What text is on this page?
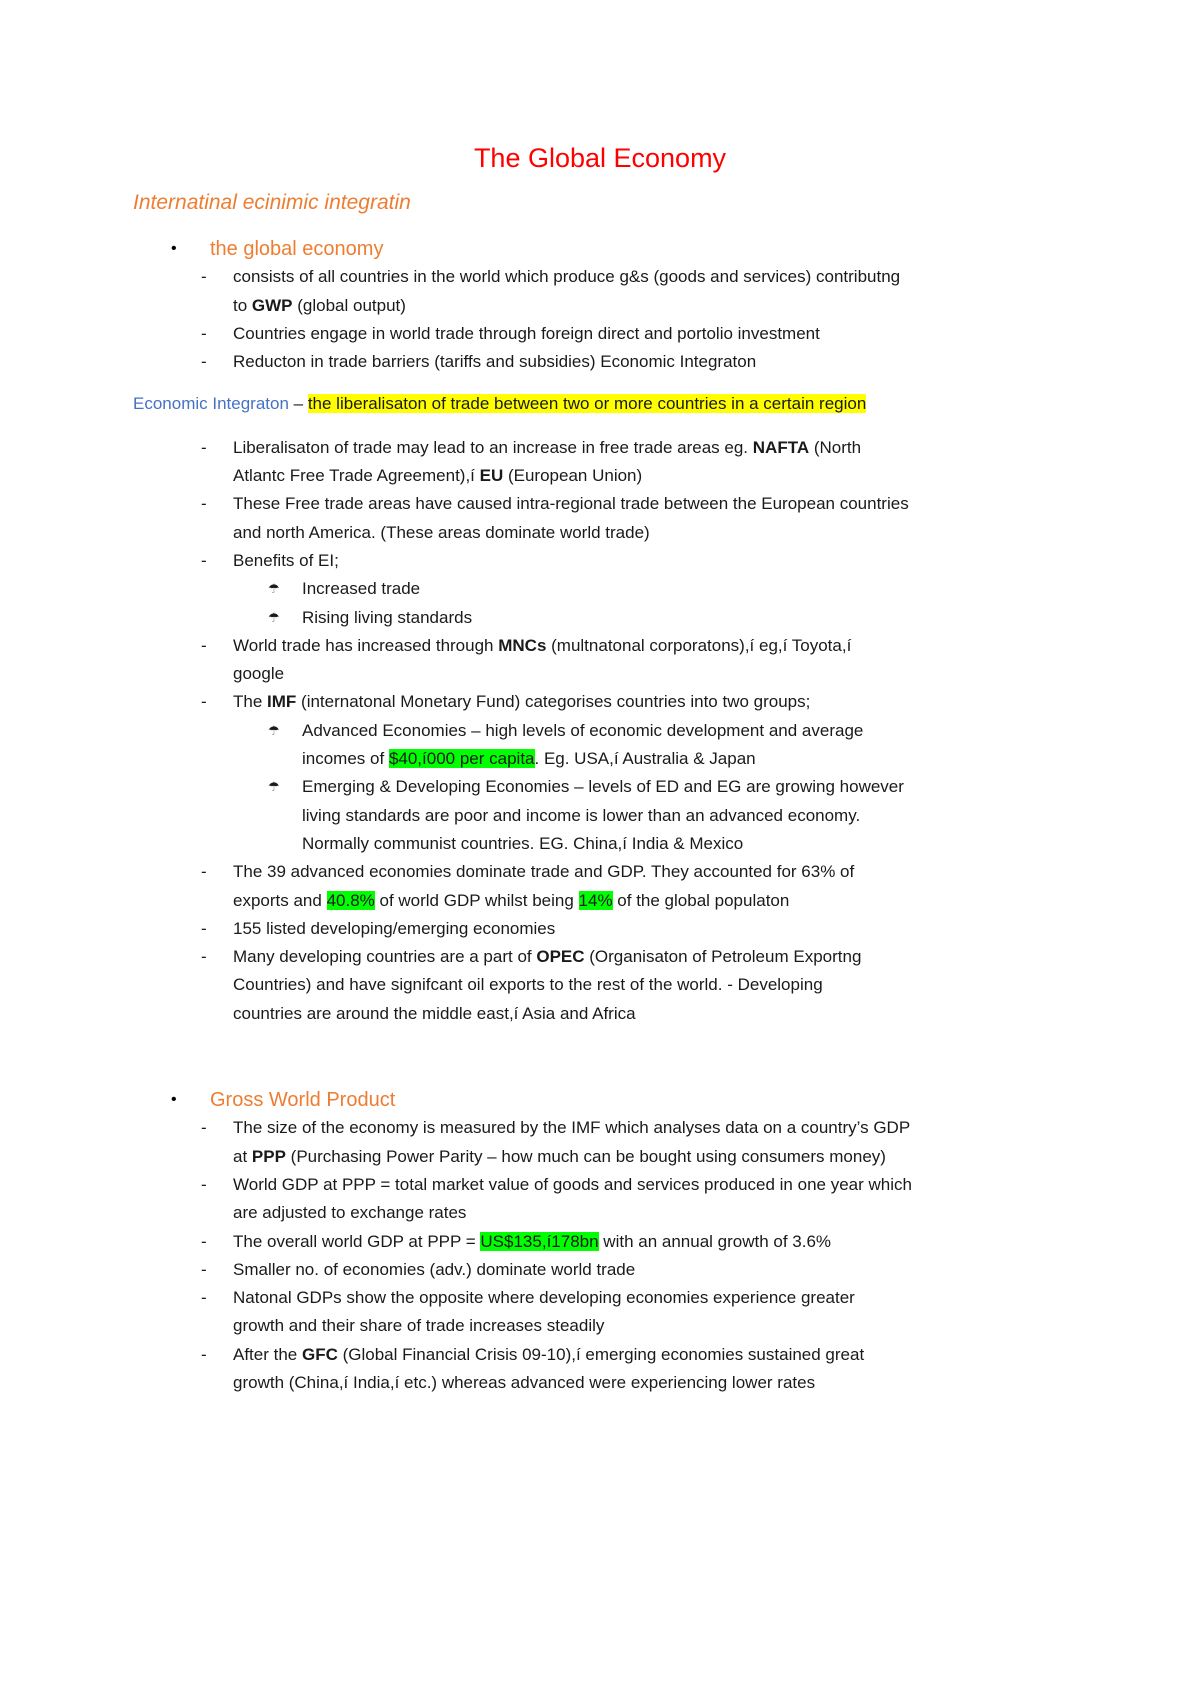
The Global Economy
Internatinal ecinimic integratin
• the global economy
- consists of all countries in the world which produce g&s (goods and services) contributng
to GWP (global output)
- Countries engage in world trade through foreign direct and portolio investment
- Reducton in trade barriers (tariffs and subsidies) Economic Integraton
Economic Integraton – the liberalisaton of trade between two or more countries in a certain region
- Liberalisaton of trade may lead to an increase in free trade areas eg. NAFTA (North
Atlantc Free Trade Agreement),í EU (European Union)
- These Free trade areas have caused intra-regional trade between the European countries
and north America. (These areas dominate world trade)
- Benefits of EI;
☂ Increased trade
☂ Rising living standards
- World trade has increased through MNCs (multnatonal corporatons),í eg,í Toyota,í
google
- The IMF (internatonal Monetary Fund) categorises countries into two groups;
☂ Advanced Economies – high levels of economic development and average
incomes of $40,í000 per capita. Eg. USA,í Australia & Japan
☂ Emerging & Developing Economies – levels of ED and EG are growing however
living standards are poor and income is lower than an advanced economy.
Normally communist countries. EG. China,í India & Mexico
- The 39 advanced economies dominate trade and GDP. They accounted for 63% of
exports and 40.8% of world GDP whilst being 14% of the global populaton
- 155 listed developing/emerging economies
- Many developing countries are a part of OPEC (Organisaton of Petroleum Exportng
Countries) and have signifcant oil exports to the rest of the world. - Developing
countries are around the middle east,í Asia and Africa
• Gross World Product
- The size of the economy is measured by the IMF which analyses data on a country’s GDP
at PPP (Purchasing Power Parity – how much can be bought using consumers money)
- World GDP at PPP = total market value of goods and services produced in one year which
are adjusted to exchange rates
- The overall world GDP at PPP = US$135,í178bn with an annual growth of 3.6%
- Smaller no. of economies (adv.) dominate world trade
- Natonal GDPs show the opposite where developing economies experience greater
growth and their share of trade increases steadily
- After the GFC (Global Financial Crisis 09-10),í emerging economies sustained great
growth (China,í India,í etc.) whereas advanced were experiencing lower rates
